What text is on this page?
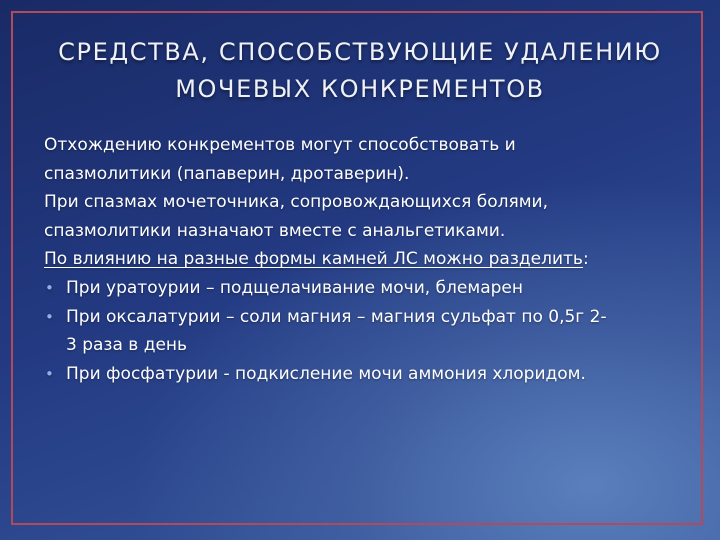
СРЕДСТВА, СПОСОБСТВУЮЩИЕ УДАЛЕНИЮ
МОЧЕВЫХ КОНКРЕМЕНТОВ
Отхождению конкрементов могут способствовать и
спазмолитики (папаверин, дротаверин).
При спазмах мочеточника, сопровождающихся болями,
спазмолитики назначают вместе с анальгетиками.
По влиянию на разные формы камней ЛС можно разделить:
• При уратоурии – подщелачивание мочи, блемарен
• При оксалатурии – соли магния – магния сульфат по 0,5г 2-
3 раза в день
• При фосфатурии - подкисление мочи аммония хлоридом.
